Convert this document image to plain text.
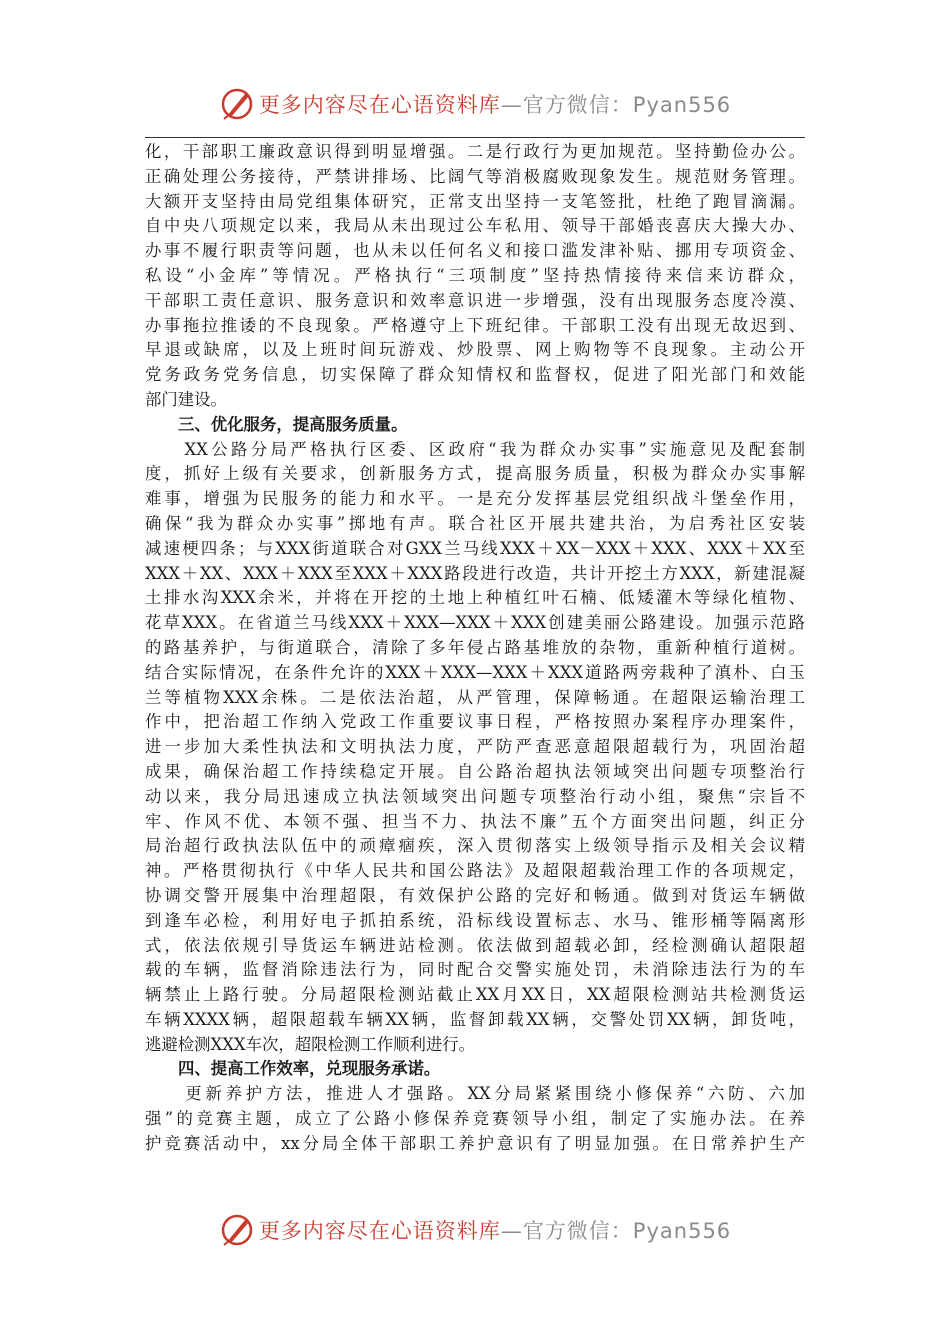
更多内容尽在心语资料库—官方微信：Pyan556
化，干部职工廉政意识得到明显增强。二是行政行为更加规范。坚持勤俭办公。
正确处理公务接待，严禁讲排场、比阔气等消极腐败现象发生。规范财务管理。
大额开支坚持由局党组集体研究，正常支出坚持一支笔签批，杜绝了跑冒滴漏。
自中央八项规定以来，我局从未出现过公车私用、领导干部婚丧喜庆大操大办、
办事不履行职责等问题，也从未以任何名义和接口滥发津补贴、挪用专项资金、
私设“小金库”等情况。严格执行“三项制度”坚持热情接待来信来访群众，
干部职工责任意识、服务意识和效率意识进一步增强，没有出现服务态度冷漠、
办事拖拉推诿的不良现象。严格遵守上下班纪律。干部职工没有出现无故迟到、
早退或缺席，以及上班时间玩游戏、炒股票、网上购物等不良现象。主动公开
党务政务党务信息，切实保障了群众知情权和监督权，促进了阳光部门和效能
部门建设。
三、优化服务，提高服务质量。
　　XX公路分局严格执行区委、区政府“我为群众办实事”实施意见及配套制
度，抓好上级有关要求，创新服务方式，提高服务质量，积极为群众办实事解
难事，增强为民服务的能力和水平。一是充分发挥基层党组织战斗堡垒作用，
确保“我为群众办实事”掷地有声。联合社区开展共建共治，为启秀社区安装
减速梗四条；与XXX街道联合对GXX兰马线XXX＋XX－XXX＋XXX、XXX＋XX至
XXX＋XX、XXX＋XXX至XXX＋XXX路段进行改造，共计开挖土方XXX，新建混凝
土排水沟XXX余米，并将在开挖的土地上种植红叶石楠、低矮灌木等绿化植物、
花草XXX。在省道兰马线XXX＋XXX—XXX＋XXX创建美丽公路建设。加强示范路
的路基养护，与街道联合，清除了多年侵占路基堆放的杂物，重新种植行道树。
结合实际情况，在条件允许的XXX＋XXX—XXX＋XXX道路两旁栽种了滇朴、白玉
兰等植物XXX余株。二是依法治超，从严管理，保障畅通。在超限运输治理工
作中，把治超工作纳入党政工作重要议事日程，严格按照办案程序办理案件，
进一步加大柔性执法和文明执法力度，严防严查恶意超限超载行为，巩固治超
成果，确保治超工作持续稳定开展。自公路治超执法领域突出问题专项整治行
动以来，我分局迅速成立执法领域突出问题专项整治行动小组，聚焦“宗旨不
牢、作风不优、本领不强、担当不力、执法不廉”五个方面突出问题，纠正分
局治超行政执法队伍中的顽瘴痼疾，深入贯彻落实上级领导指示及相关会议精
神。严格贯彻执行《中华人民共和国公路法》及超限超载治理工作的各项规定，
协调交警开展集中治理超限，有效保护公路的完好和畅通。做到对货运车辆做
到逢车必检，利用好电子抓拍系统，沿标线设置标志、水马、锥形桶等隔离形
式，依法依规引导货运车辆进站检测。依法做到超载必卸，经检测确认超限超
载的车辆，监督消除违法行为，同时配合交警实施处罚，未消除违法行为的车
辆禁止上路行驶。分局超限检测站截止XX月XX日，XX超限检测站共检测货运
车辆XXXX辆，超限超载车辆XX辆，监督卸载XX辆，交警处罚XX辆，卸货吨，
逃避检测XXX车次，超限检测工作顺利进行。
四、提高工作效率，兑现服务承诺。
　　更新养护方法，推进人才强路。XX分局紧紧围绕小修保养“六防、六加
强”的竞赛主题，成立了公路小修保养竞赛领导小组，制定了实施办法。在养
护竞赛活动中，xx分局全体干部职工养护意识有了明显加强。在日常养护生产
更多内容尽在心语资料库—官方微信：Pyan556
